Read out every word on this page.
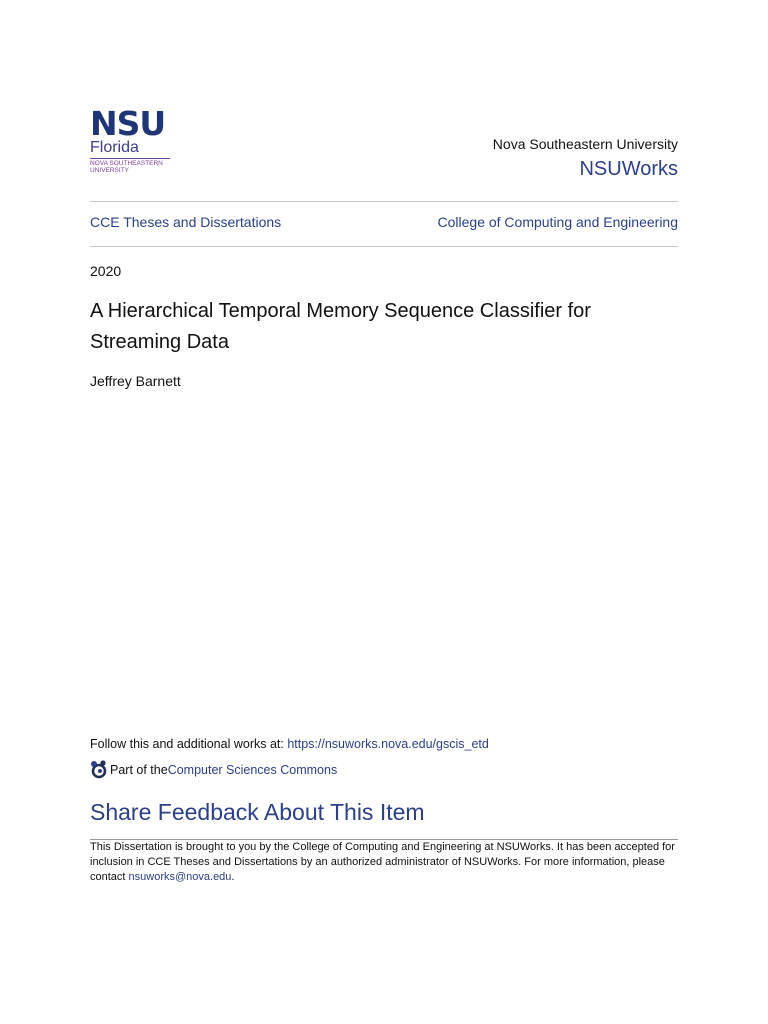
NSU
Florida
NOVA SOUTHEASTERN
UNIVERSITY
Nova Southeastern University
NSUWorks
CCE Theses and Dissertations	College of Computing and Engineering
2020
A Hierarchical Temporal Memory Sequence Classifier for Streaming Data
Jeffrey Barnett
Follow this and additional works at: https://nsuworks.nova.edu/gscis_etd
Part of the Computer Sciences Commons
Share Feedback About This Item
This Dissertation is brought to you by the College of Computing and Engineering at NSUWorks. It has been accepted for inclusion in CCE Theses and Dissertations by an authorized administrator of NSUWorks. For more information, please contact nsuworks@nova.edu.
